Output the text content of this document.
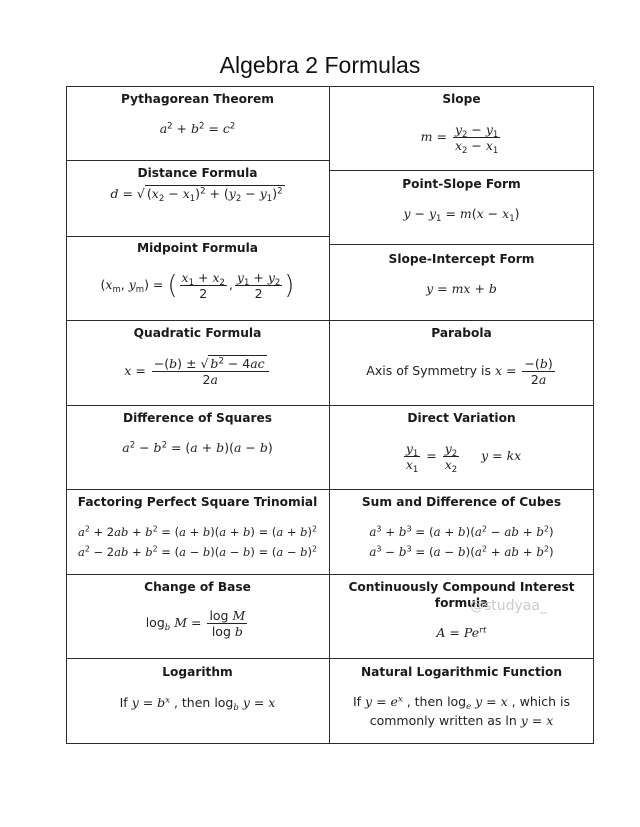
Algebra 2 Formulas
Pythagorean Theorem
$a^2 + b^2 = c^2$
Distance Formula
d = √ $(x_2 - x_1)^2 + (y_2 - y_1)^2$
Midpoint Formula
($x_m$, $y_m$) = ( $\frac{x_1 + x_2}{2}$ , $\frac{y_1 + y_2}{2}$ )
Quadratic Formula
$x = \frac{-(b) \pm √ b^2 - 4ac}{2a}$
Difference of Squares
$a^2 - b^2 = (a + b)(a - b)$
Factoring Perfect Square Trinomial
$a^2 + 2ab + b^2 = (a + b)(a + b) = (a + b)^2$
$a^2 - 2ab + b^2 = (a - b)(a - b) = (a - b)^2$
Change of Base
$\log_b M = \frac{\text{log M}}{\text{log b}}$
Logarithm
If $y = b^x$ , then $\log_b y = x$
Slope
$m = \frac{y_2 - y_1}{x_2 - x_1}$
Point-Slope Form
$y - y_1 = m(x - x_1)$
Slope-Intercept Form
y = mx + b
Parabola
Axis of Symmetry is $x = \frac{-(b)}{2a}$
Direct Variation
$\frac{y_1}{x_1} = \frac{y_2}{x_2}$ y = kx
Sum and Difference of Cubes
$a^3 + b^3 = (a + b)(a^2$ − ab + $b^2$)
$a^3 - b^3 = (a - b)(a^2$ + ab + $b^2$)
Continuously Compound Interest formula
$A = Pe^{rt}$
Natural Logarithmic Function
If $y = e^x$ , then $\log_e y = x$ , which is
commonly written as ln y = x
@studyaa_
